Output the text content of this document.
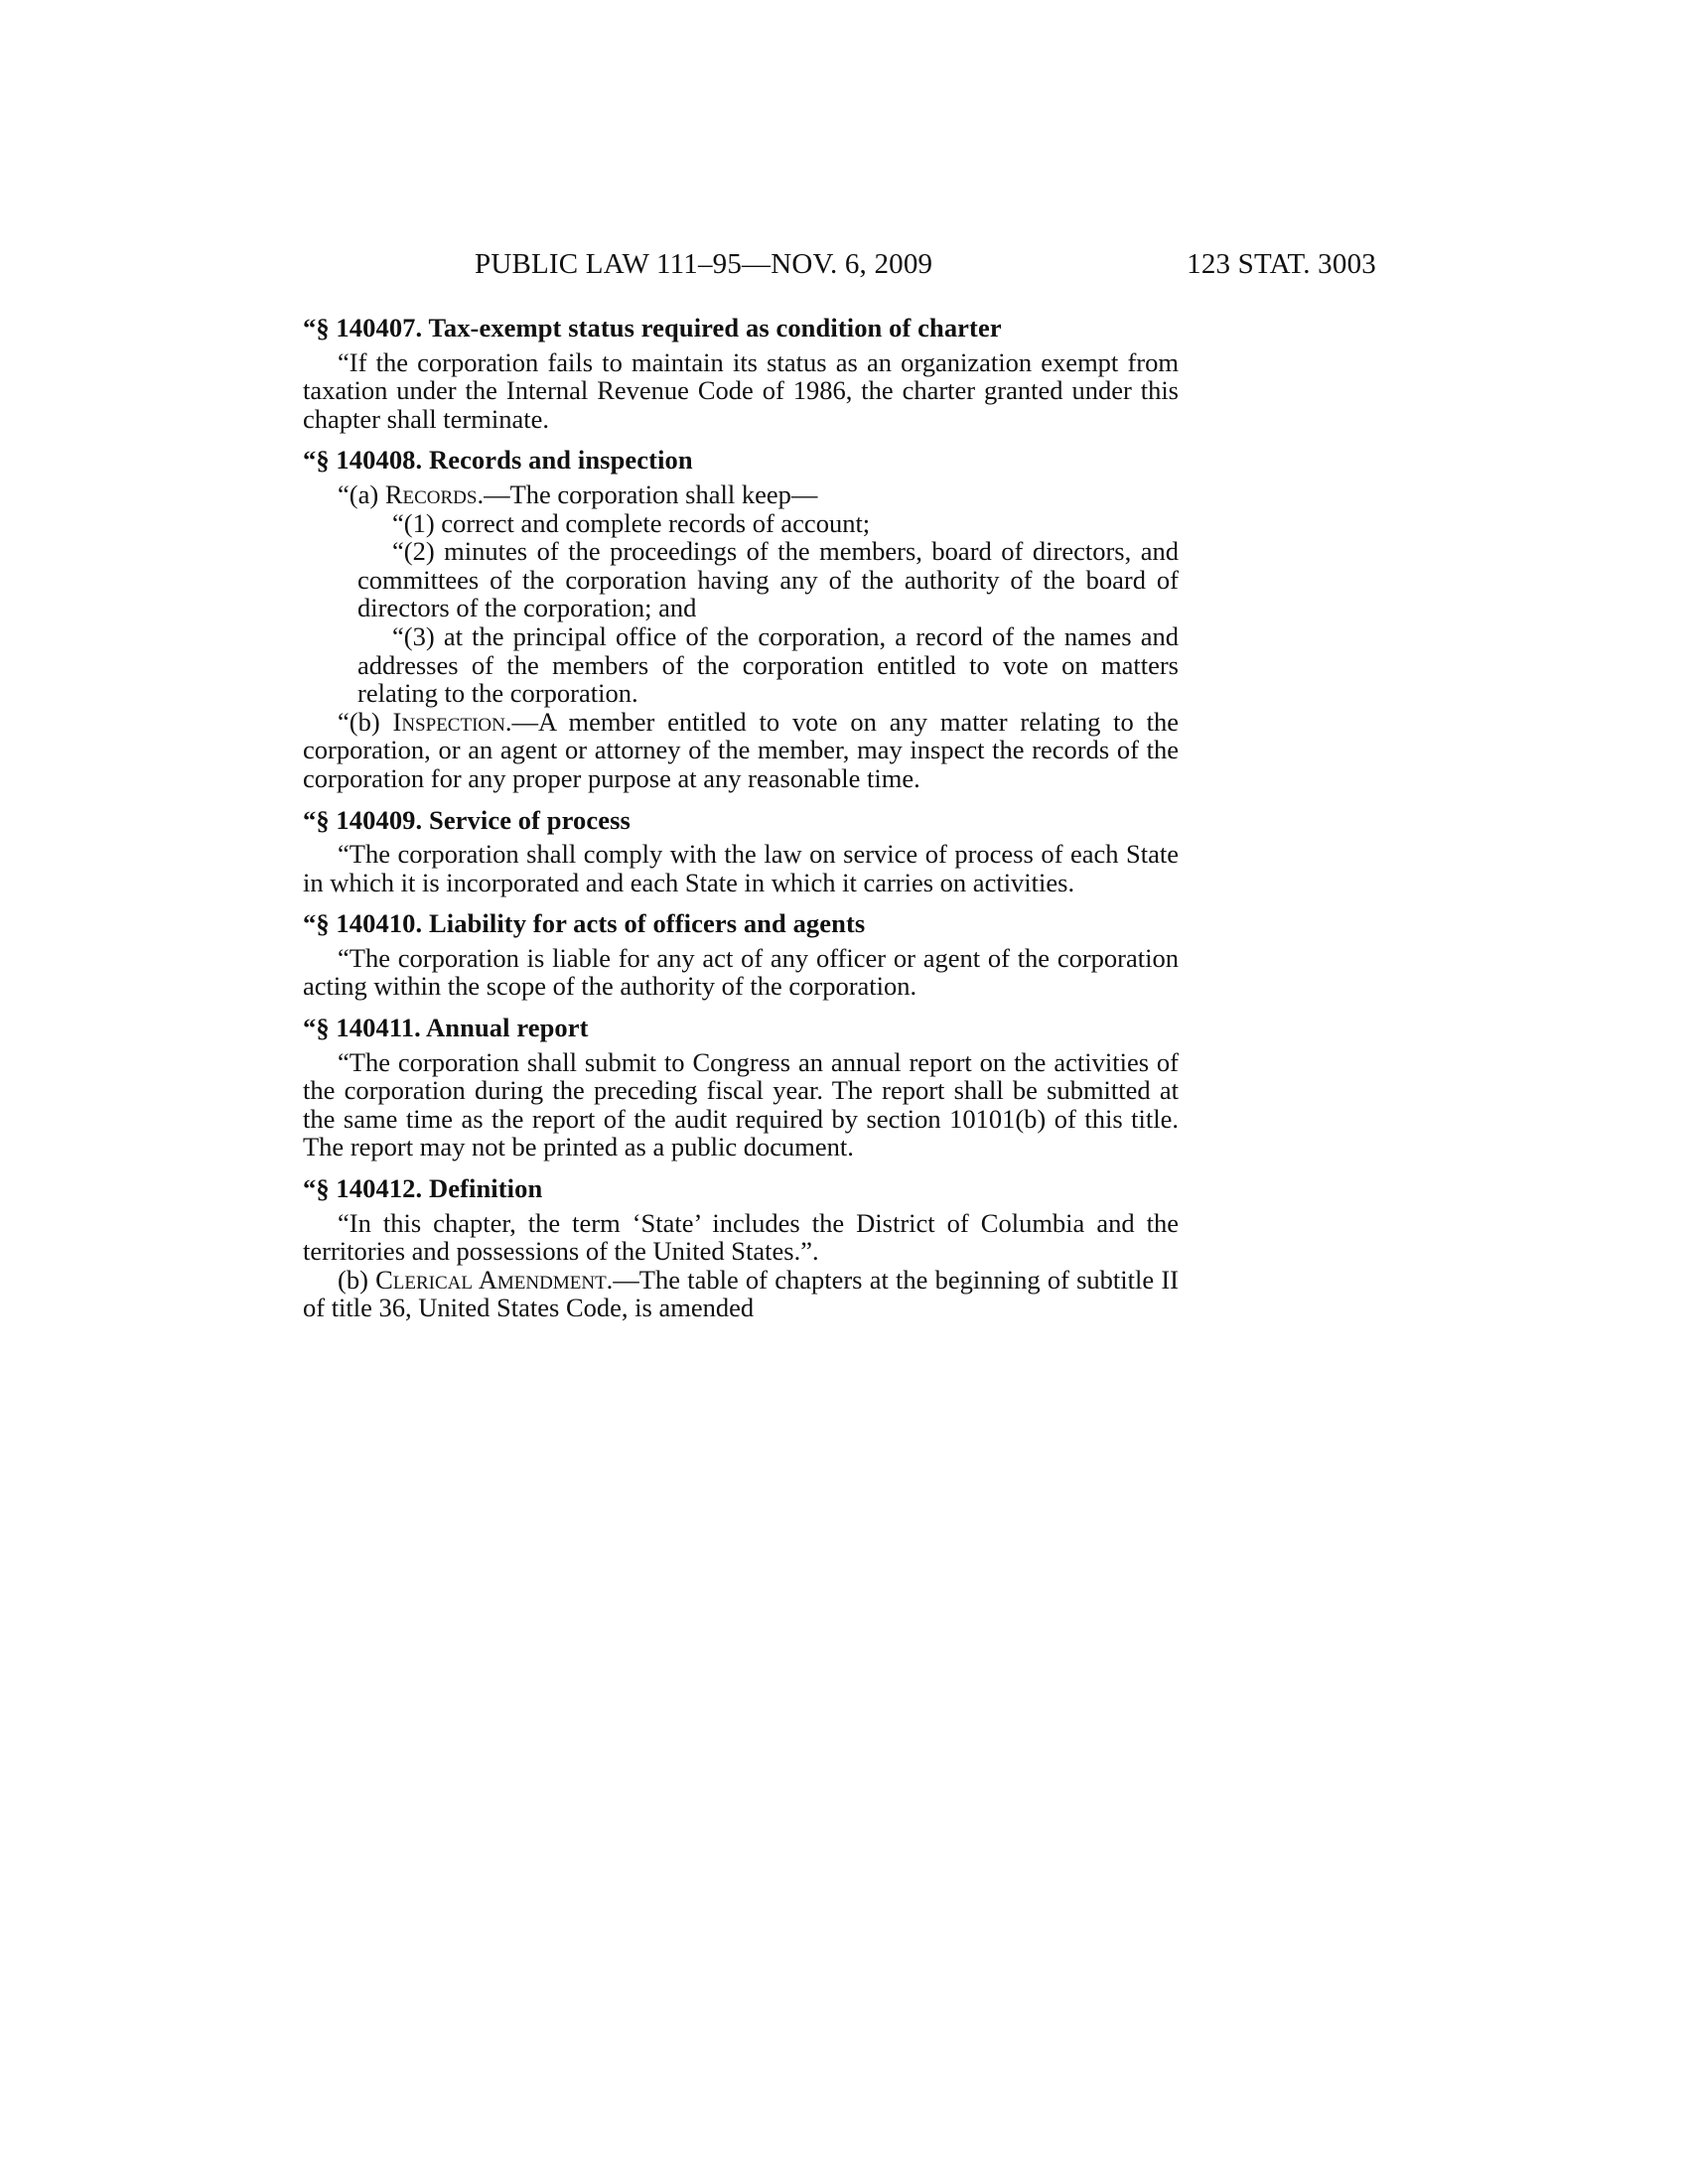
PUBLIC LAW 111–95—NOV. 6, 2009	123 STAT. 3003
“§ 140407. Tax-exempt status required as condition of charter

“If the corporation fails to maintain its status as an organization exempt from taxation under the Internal Revenue Code of 1986, the charter granted under this chapter shall terminate.

“§ 140408. Records and inspection

“(a) Records.—The corporation shall keep—

“(1) correct and complete records of account;

“(2) minutes of the proceedings of the members, board of directors, and committees of the corporation having any of the authority of the board of directors of the corporation; and

“(3) at the principal office of the corporation, a record of the names and addresses of the members of the corporation entitled to vote on matters relating to the corporation.

“(b) Inspection.—A member entitled to vote on any matter relating to the corporation, or an agent or attorney of the member, may inspect the records of the corporation for any proper purpose at any reasonable time.

“§ 140409. Service of process

“The corporation shall comply with the law on service of process of each State in which it is incorporated and each State in which it carries on activities.

“§ 140410. Liability for acts of officers and agents

“The corporation is liable for any act of any officer or agent of the corporation acting within the scope of the authority of the corporation.

“§ 140411. Annual report

“The corporation shall submit to Congress an annual report on the activities of the corporation during the preceding fiscal year. The report shall be submitted at the same time as the report of the audit required by section 10101(b) of this title. The report may not be printed as a public document.

“§ 140412. Definition

“In this chapter, the term ‘State’ includes the District of Columbia and the territories and possessions of the United States.”.

(b) Clerical Amendment.—The table of chapters at the beginning of subtitle II of title 36, United States Code, is amended
